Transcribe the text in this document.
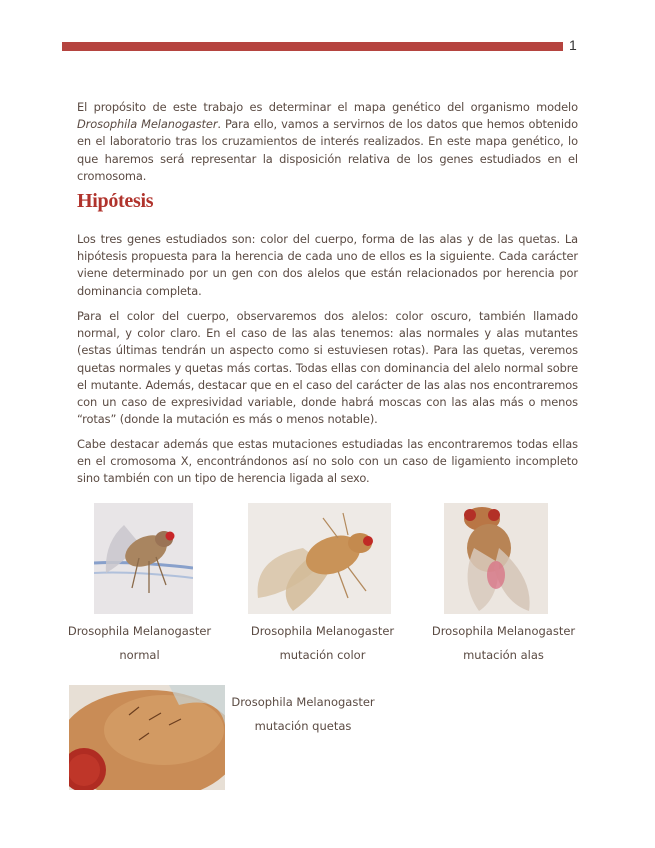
1

El propósito de este trabajo es determinar el mapa genético del organismo modelo Drosophila Melanogaster. Para ello, vamos a servirnos de los datos que hemos obtenido en el laboratorio tras los cruzamientos de interés realizados. En este mapa genético, lo que haremos será representar la disposición relativa de los genes estudiados en el cromosoma.

Hipótesis

Los tres genes estudiados son: color del cuerpo, forma de las alas y de las quetas. La hipótesis propuesta para la herencia de cada uno de ellos es la siguiente. Cada carácter viene determinado por un gen con dos alelos que están relacionados por herencia por dominancia completa.

Para el color del cuerpo, observaremos dos alelos: color oscuro, también llamado normal, y color claro. En el caso de las alas tenemos: alas normales y alas mutantes (estas últimas tendrán un aspecto como si estuviesen rotas). Para las quetas, veremos quetas normales y quetas más cortas. Todas ellas con dominancia del alelo normal sobre el mutante. Además, destacar que en el caso del carácter de las alas nos encontraremos con un caso de expresividad variable, donde habrá moscas con las alas más o menos “rotas” (donde la mutación es más o menos notable).

Cabe destacar además que estas mutaciones estudiadas las encontraremos todas ellas en el cromosoma X, encontrándonos así no solo con un caso de ligamiento incompleto sino también con un tipo de herencia ligada al sexo.

Drosophila Melanogaster
normal
Drosophila Melanogaster
mutación color
Drosophila Melanogaster
mutación alas
Drosophila Melanogaster
mutación quetas
